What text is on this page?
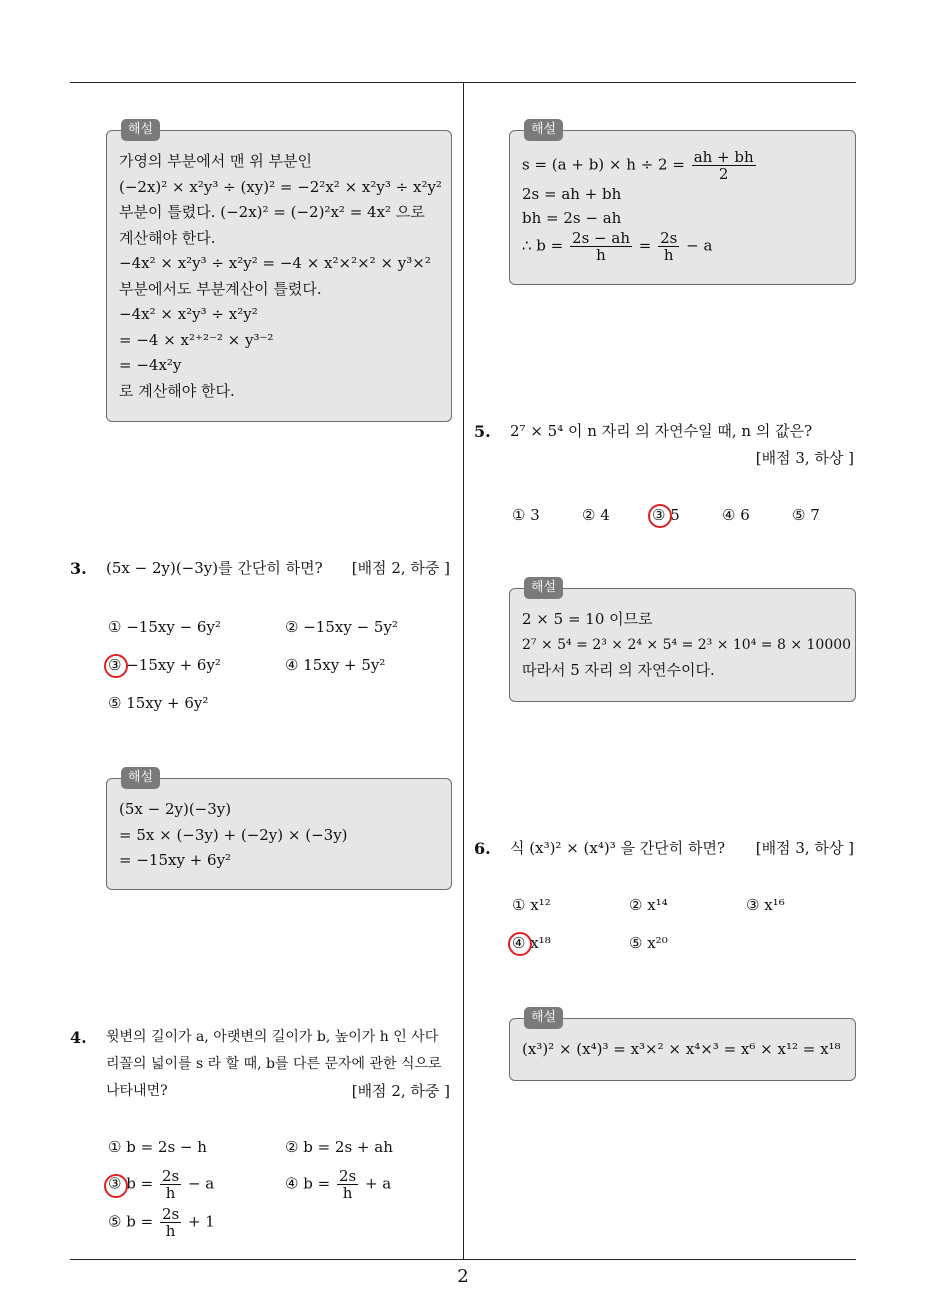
해설
가영의 부분에서 맨 위 부분인
(−2x)² × x²y³ ÷ (xy)² = −2²x² × x²y³ ÷ x²y²
부분이 틀렸다. (−2x)² = (−2)²x² = 4x² 으로
계산해야 한다.
−4x² × x²y³ ÷ x²y² = −4 × x²×²×² × y³×²
부분에서도 부분계산이 틀렸다.
−4x² × x²y³ ÷ x²y²
= −4 × x²⁺²⁻² × y³⁻²
= −4x²y
로 계산해야 한다.
3. (5x − 2y)(−3y)를 간단히 하면? [배점 2, 하중 ]
① −15xy − 6y²	② −15xy − 5y²
③ −15xy + 6y²	④ 15xy + 5y²
⑤ 15xy + 6y²
해설
(5x − 2y)(−3y)
= 5x × (−3y) + (−2y) × (−3y)
= −15xy + 6y²
4. 윗변의 길이가 a, 아랫변의 길이가 b, 높이가 h 인 사다
리꼴의 넓이를 s 라 할 때, b를 다른 문자에 관한 식으로
나타내면?	[배점 2, 하중 ]
① b = 2s − h	② b = 2s + ah
③ $b = \frac{2s}{h} - a$	④ $b = \frac{2s}{h} + a$
⑤ $b = \frac{2s}{h} + 1$
해설
$s = (a + b) \times h \div 2 = \frac{ah + bh}{2}$
2s = ah + bh
bh = 2s − ah
∴ $b = \frac{2s - ah}{h} = \frac{2s}{h} - a$
5. 2⁷ × 5⁴ 이 n 자리 의 자연수일 때, n 의 값은?
[배점 3, 하상 ]
① 3	② 4	③ 5	④ 6	⑤ 7
해설
2 × 5 = 10 이므로
2⁷ × 5⁴ = 2³ × 2⁴ × 5⁴ = 2³ × 10⁴ = 8 × 10000
따라서 5 자리 의 자연수이다.
6. 식 (x³)² × (x⁴)³ 을 간단히 하면? [배점 3, 하상 ]
① x¹²	② x¹⁴	③ x¹⁶
④ x¹⁸	⑤ x²⁰
해설
(x³)² × (x⁴)³ = x³×² × x⁴×³ = x⁶ × x¹² = x¹⁸
2
